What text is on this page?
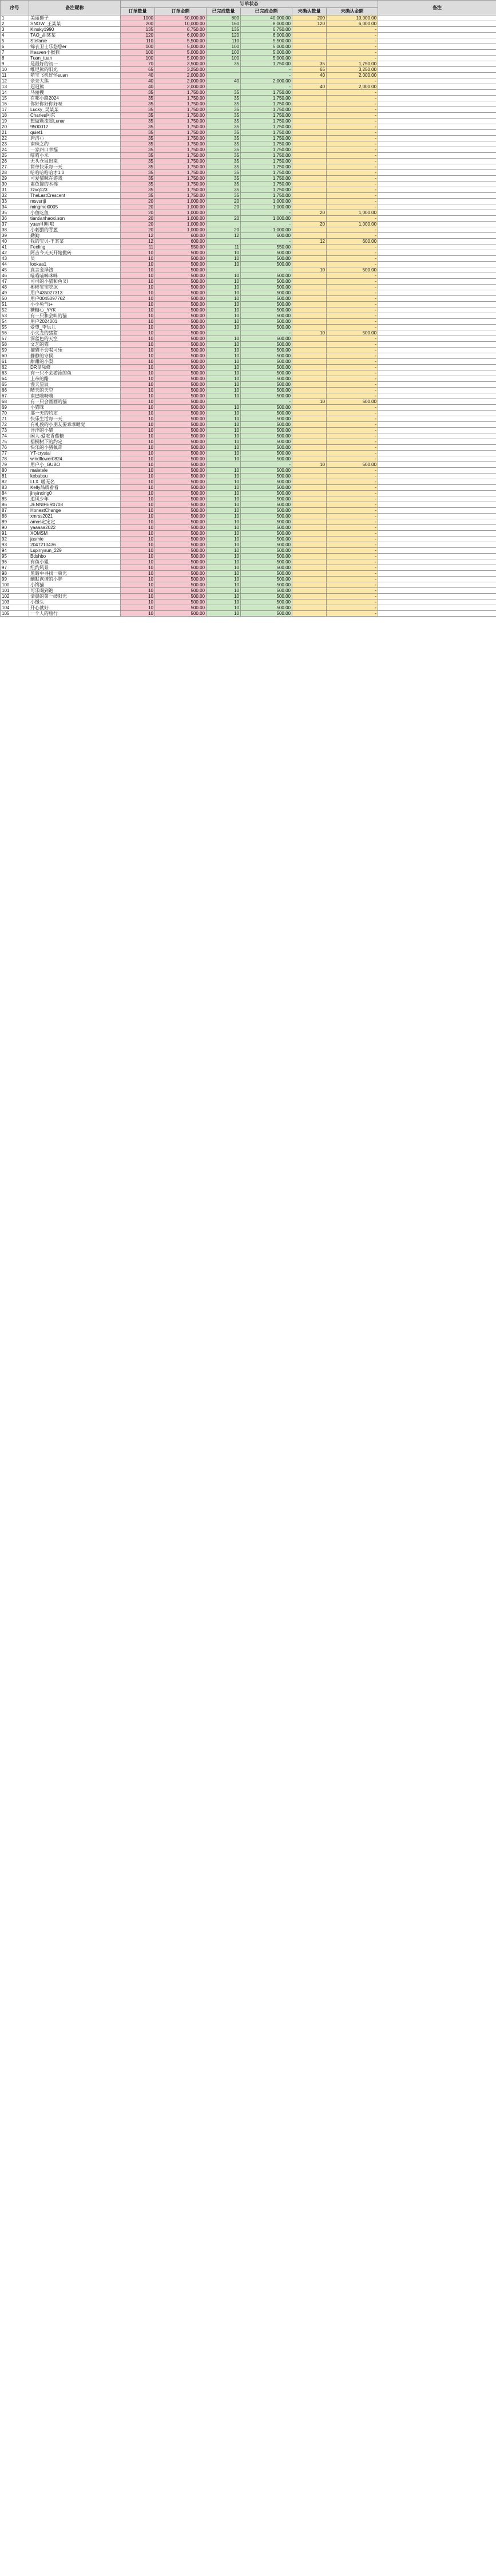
序号	备注昵称	订单状态						备注
		订单数量	订单金额	已完成数量	已完成金额	未确认数量	未确认金额	
1	美丽狮子	1000	50,000.00	800	40,000.00	200	10,000.00	
2	SNOW_王某某	200	10,000.00	160	8,000.00	120	6,000.00	
3	Kinsky1990	135	6,750.00	135	6,750.00		-	
4	TAO_胡某某	120	6,000.00	120	6,000.00		-	
5	Stefanie	110	5,500.00	110	5,500.00		-	
6	锦衣卫士乐悠悠er	100	5,000.00	100	5,000.00		-	
7	Heaven小猴猴	100	5,000.00	100	5,000.00		-	
8	Tuan_tuan	100	5,000.00	100	5,000.00		-	
9	是最好的初一	70	3,500.00	35	1,750.00	35	1,750.00	
10	维尼熊的阳光	65	3,250.00		-	65	3,250.00	
11	萌宝飞机好怀suan	40	2,000.00		-	40	2,000.00	
12	亲亲大熊	40	2,000.00	40	2,000.00		-	
13	冠冠熊	40	2,000.00		-	40	2,000.00	
14	马丽搜	35	1,750.00	35	1,750.00		-	
15	在哪小路2024	35	1,750.00	35	1,750.00		-	
16	你好你好你好呀	35	1,750.00	35	1,750.00		-	
17	Lucky_吴某某	35	1,750.00	35	1,750.00		-	
18	Charles阿东	35	1,750.00	35	1,750.00		-	
19	想做颗流星Lunar	35	1,750.00	35	1,750.00		-	
20	9500012	35	1,750.00	35	1,750.00		-	
21	quiet1	35	1,750.00	35	1,750.00		-	
22	唐洁心	35	1,750.00	35	1,750.00		-	
23	南珠之约	35	1,750.00	35	1,750.00		-	
24	一家四口幸福	35	1,750.00	35	1,750.00		-	
25	喵喵小米	35	1,750.00	35	1,750.00		-	
26	无头仓鼠出来	35	1,750.00	35	1,750.00		-	
27	简单快乐每一天	35	1,750.00	35	1,750.00		-	
28	哈哈哈哈哈才1.0	35	1,750.00	35	1,750.00		-	
29	可爱猫咪在游戏	35	1,750.00	35	1,750.00		-	
30	素色锦的木棉	35	1,750.00	35	1,750.00		-	
31	zzxq123	35	1,750.00	35	1,750.00		-	
32	TheLastCrescent	35	1,750.00	35	1,750.00		-	
33	msvsrtji	20	1,000.00	20	1,000.00		-	
34	mingmei0005	20	1,000.00	20	1,000.00		-	
35	小鱼吃鱼	20	1,000.00		-	20	1,000.00	
36	tiantianhaoxi.son	20	1,000.00	20	1,000.00		-	
37	yuan明明哦	20	1,000.00		-	20	1,000.00	
38	小刺猬的青葱	20	1,000.00	20	1,000.00		-	
39	勤勤	12	600.00	12	600.00		-	
40	我的宝贝-王某某	12	600.00		-	12	600.00	
41	Feeling	11	550.00	11	550.00		-	
42	阿吉今天天开始搬砖	10	500.00	10	500.00		-	
43	员	10	500.00	10	500.00		-	
44	lookaa1	10	500.00	10	500.00		-	
45	真言金泽渡	10	500.00		-	10	500.00	
46	喵喵喵咪咪咪	10	500.00	10	500.00		-	
47	可可的小猫和鱼叉l	10	500.00	10	500.00		-	
48	彬彬宝宝吃冰	10	500.00	10	500.00		-	
49	用户435027313	10	500.00	10	500.00		-	
50	用户0045097762	10	500.00	10	500.00		-	
51	小小兔气t+	10	500.00	10	500.00		-	
52	糖糖心_YYK	10	500.00	10	500.00		-	
53	有一只和会叫的猫	10	500.00	10	500.00		-	
54	用户2024001	10	500.00	10	500.00		-	
55	爱望_李远儿	10	500.00	10	500.00		-	
56	小火龙的猪猪	10	500.00		-	10	500.00	
57	深蓝色的天空	10	500.00	10	500.00		-	
58	文艺的猫	10	500.00	10	500.00		-	
59	猫猫不会喝可乐	10	500.00	10	500.00		-	
60	静静的守候	10	500.00	10	500.00		-	
61	甜甜的小梨	10	500.00	10	500.00		-	
62	DR星际修	10	500.00	10	500.00		-	
63	有一只不会游泳的鱼	10	500.00	10	500.00		-	
64	上帝的醋	10	500.00	10	500.00		-	
65	漫天星辰	10	500.00	10	500.00		-	
66	晴天的天空	10	500.00	10	500.00		-	
67	南巴嗨呀嗨	10	500.00	10	500.00		-	
68	有一只会画画的猫	10	500.00		-	10	500.00	
69	小猫咪	10	500.00	10	500.00		-	
70	那一天的约定	10	500.00	10	500.00		-	
71	快乐生活每一天	10	500.00	10	500.00		-	
72	有礼貌的小朋友要乖乖睡觉	10	500.00	10	500.00		-	
73	洋洋的小猫	10	500.00	10	500.00		-	
74	闲人-爱吃香蕉糖	10	500.00	10	500.00		-	
75	梧桐树下的约定	10	500.00	10	500.00		-	
76	快乐的小猪佩奇	10	500.00	10	500.00		-	
77	YT-crystal	10	500.00	10	500.00		-	
78	windflower0824	10	500.00	10	500.00		-	
79	用户小_GUBO	10	500.00		-	10	500.00	
80	maletele	10	500.00	10	500.00		-	
81	kebabsu	10	500.00	10	500.00		-	
82	LLX_暖无名	10	500.00	10	500.00		-	
83	Kelly品质看看	10	500.00	10	500.00		-	
84	jinyinxing0	10	500.00	10	500.00		-	
85	追风少年	10	500.00	10	500.00		-	
86	JENNIFER0708	10	500.00	10	500.00		-	
87	HonestChange	10	500.00	10	500.00		-	
88	xmrss2021	10	500.00	10	500.00		-	
89	amos定定定	10	500.00	10	500.00		-	
90	yaaaaa2022	10	500.00	10	500.00		-	
91	XOMSM	10	500.00	10	500.00		-	
92	jasmie	10	500.00	10	500.00		-	
93	2047210436	10	500.00	10	500.00		-	
94	Lspirrysun_229	10	500.00	10	500.00		-	
95	Bdshbo	10	500.00	10	500.00		-	
96	有鱼小姐	10	500.00	10	500.00		-	
97	纽约风景	10	500.00	10	500.00		-	
98	黑暗中寻找一束光	10	500.00	10	500.00		-	
99	幽默诙谐的小胖	10	500.00	10	500.00		-	
100	小馋猫	10	500.00	10	500.00		-	
101	可乐喝到饱	10	500.00	10	500.00		-	
102	清晨的第一缕阳光	10	500.00	10	500.00		-	
103	小馒头	10	500.00	10	500.00		-	
104	开心就好	10	500.00	10	500.00		-	
105	一个人的旅行	10	500.00	10	500.00		-	
